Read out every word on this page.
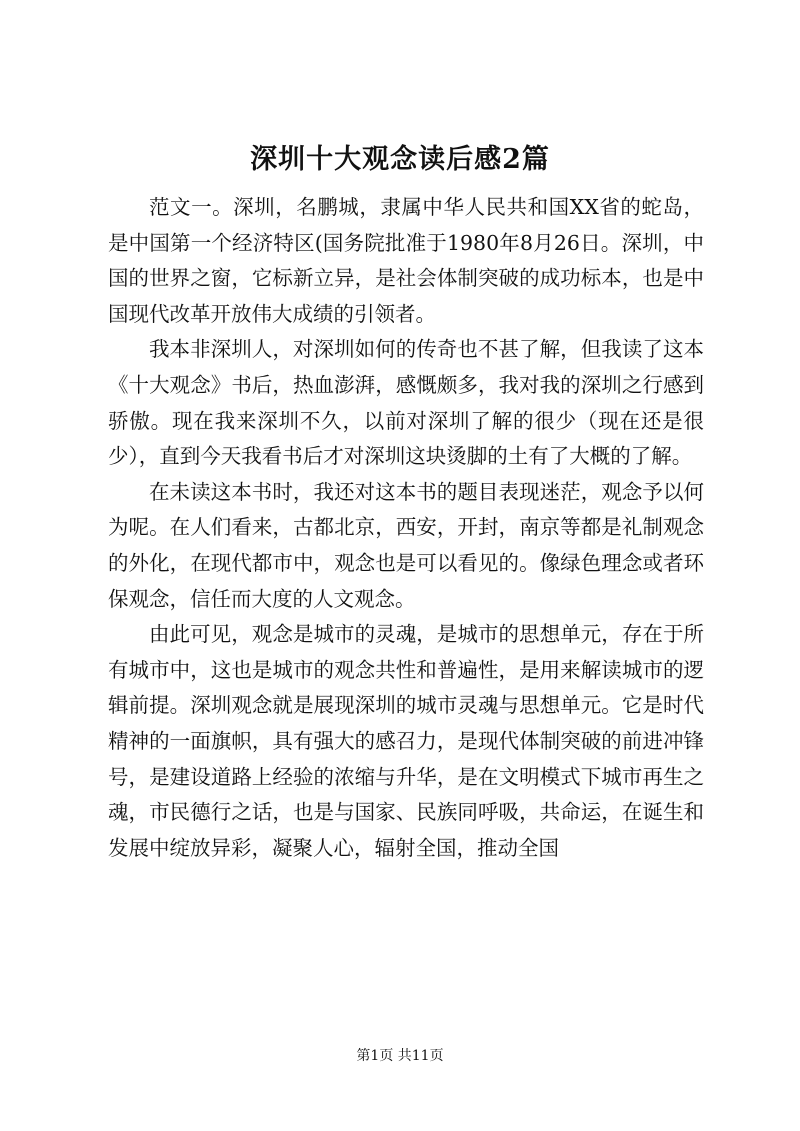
深圳十大观念读后感2篇

范文一。深圳，名鹏城，隶属中华人民共和国XX省的蛇岛，是中国第一个经济特区(国务院批准于1980年8月26日。深圳，中国的世界之窗，它标新立异，是社会体制突破的成功标本，也是中国现代改革开放伟大成绩的引领者。

我本非深圳人，对深圳如何的传奇也不甚了解，但我读了这本《十大观念》书后，热血澎湃，感慨颇多，我对我的深圳之行感到骄傲。现在我来深圳不久，以前对深圳了解的很少（现在还是很少），直到今天我看书后才对深圳这块烫脚的土有了大概的了解。

在未读这本书时，我还对这本书的题目表现迷茫，观念予以何为呢。在人们看来，古都北京，西安，开封，南京等都是礼制观念的外化，在现代都市中，观念也是可以看见的。像绿色理念或者环保观念，信任而大度的人文观念。

由此可见，观念是城市的灵魂，是城市的思想单元，存在于所有城市中，这也是城市的观念共性和普遍性，是用来解读城市的逻辑前提。深圳观念就是展现深圳的城市灵魂与思想单元。它是时代精神的一面旗帜，具有强大的感召力，是现代体制突破的前进冲锋号，是建设道路上经验的浓缩与升华，是在文明模式下城市再生之魂，市民德行之话，也是与国家、民族同呼吸，共命运，在诞生和发展中绽放异彩，凝聚人心，辐射全国，推动全国

第1页 共11页
